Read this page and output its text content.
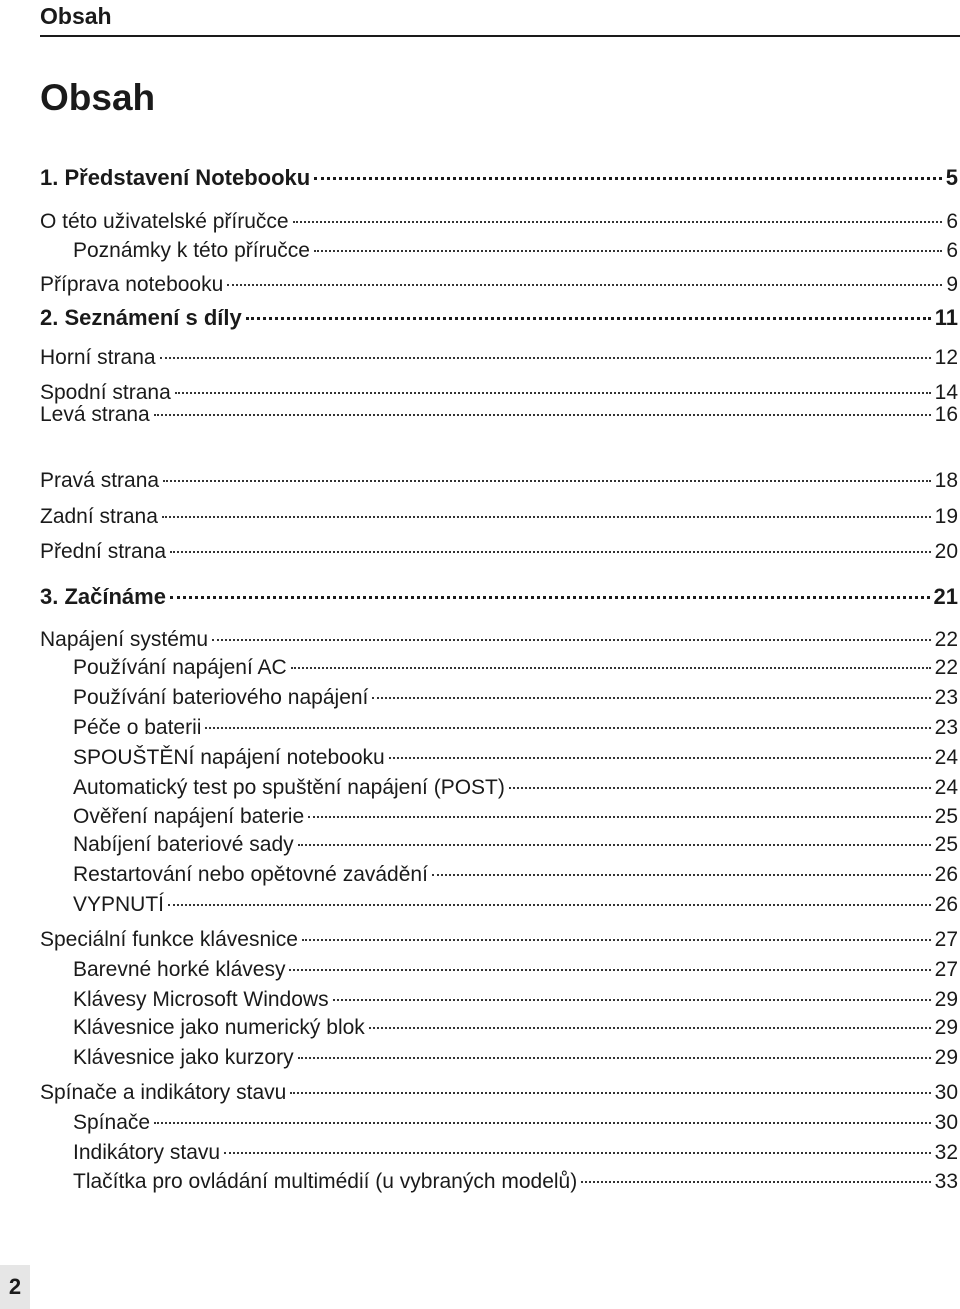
Obsah
Obsah
1. Představení Notebooku	5
O této uživatelské příručce	6
Poznámky k této příručce	6
Příprava notebooku	9
2. Seznámení s díly	11
Horní strana	12
Spodní strana	14
Levá strana	16
Pravá strana	18
Zadní strana	19
Přední strana	20
3. Začínáme	21
Napájení systému	22
Používání napájení AC	22
Používání bateriového napájení	23
Péče o baterii	23
SPOUŠTĚNÍ napájení notebooku	24
Automatický test po spuštění napájení (POST)	24
Ověření napájení baterie	25
Nabíjení bateriové sady	25
Restartování nebo opětovné zavádění	26
VYPNUTÍ	26
Speciální funkce klávesnice	27
Barevné horké klávesy	27
Klávesy Microsoft Windows	29
Klávesnice jako numerický blok	29
Klávesnice jako kurzory	29
Spínače a indikátory stavu	30
Spínače	30
Indikátory stavu	32
Tlačítka pro ovládání multimédií (u vybraných modelů)	33
2
